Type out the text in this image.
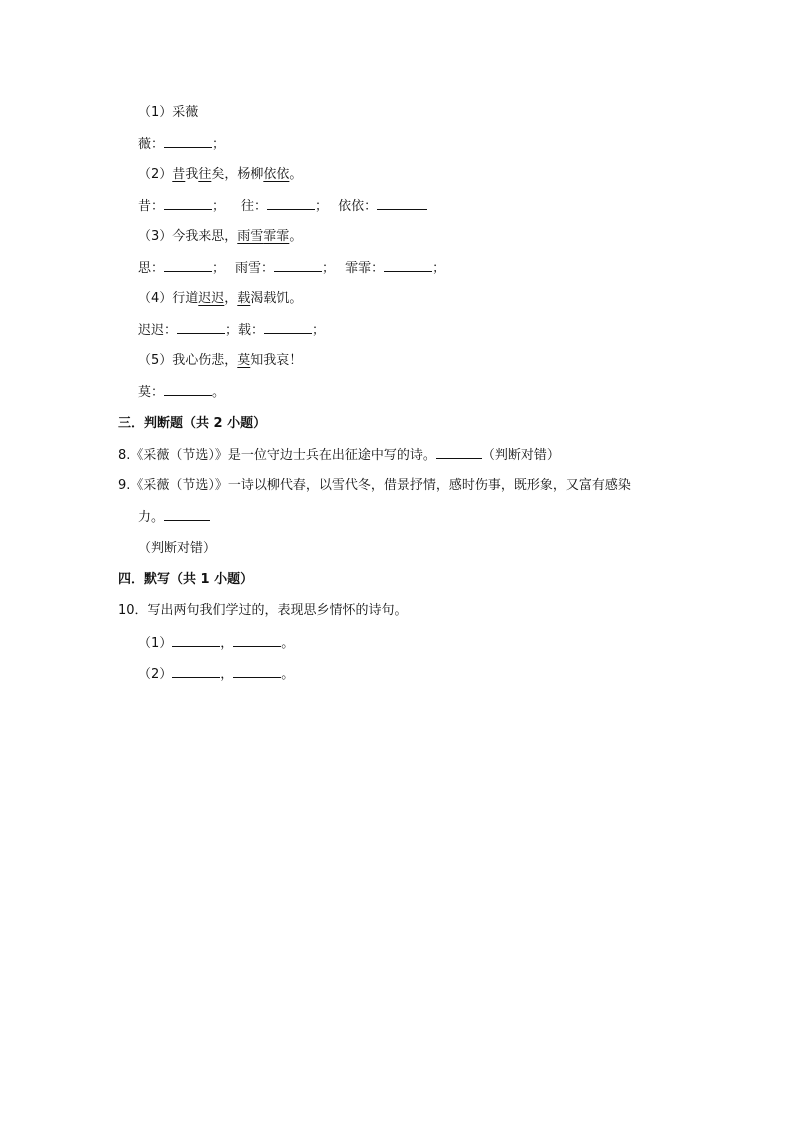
（1）采薇
薇：	；
（2）昔我往矣，杨柳依依。
昔：	； 往：	； 依依：
（3）今我来思，雨雪霏霏。
思：	； 雨雪：	； 霏霏：	；
（4）行道迟迟，载渴载饥。
迟迟：	；载：	；
（5）我心伤悲，莫知我哀！
莫：	。
三．判断题（共 2 小题）
8.《采薇（节选）》是一位守边士兵在出征途中写的诗。	（判断对错）
9.《采薇（节选）》一诗以柳代春，以雪代冬，借景抒情，感时伤事，既形象，又富有感染
力。
（判断对错）
四．默写（共 1 小题）
10．写出两句我们学过的，表现思乡情怀的诗句。
（1）	，	。
（2）	，	。
